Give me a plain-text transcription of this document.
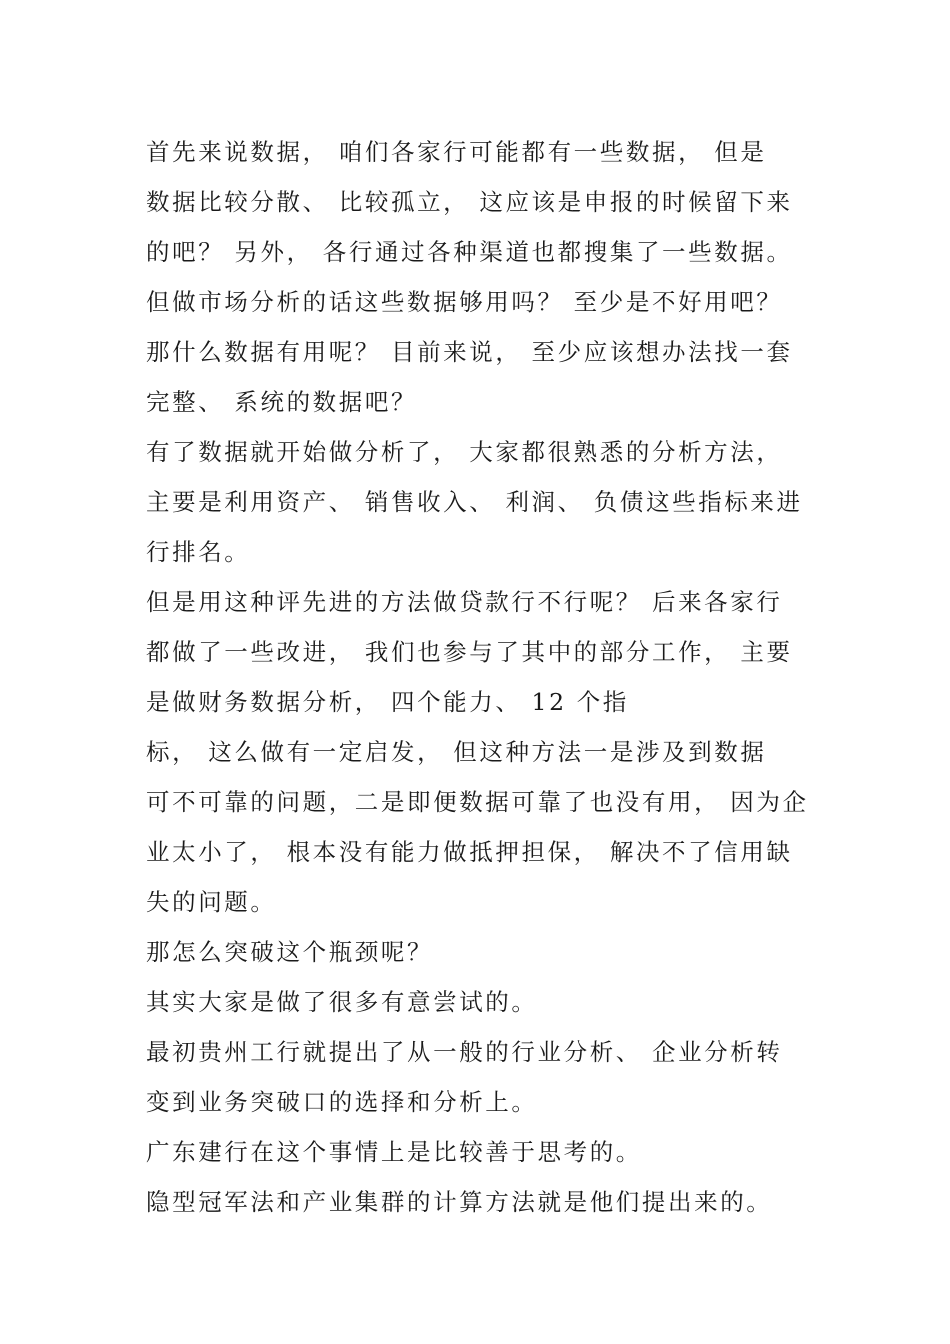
首先来说数据， 咱们各家行可能都有一些数据， 但是
数据比较分散、 比较孤立， 这应该是申报的时候留下来
的吧？ 另外， 各行通过各种渠道也都搜集了一些数据。
但做市场分析的话这些数据够用吗？ 至少是不好用吧？
那什么数据有用呢？ 目前来说， 至少应该想办法找一套
完整、 系统的数据吧？
有了数据就开始做分析了， 大家都很熟悉的分析方法，
主要是利用资产、 销售收入、 利润、 负债这些指标来进
行排名。
但是用这种评先进的方法做贷款行不行呢？ 后来各家行
都做了一些改进， 我们也参与了其中的部分工作， 主要
是做财务数据分析， 四个能力、 12 个指
标， 这么做有一定启发， 但这种方法一是涉及到数据
可不可靠的问题，二是即便数据可靠了也没有用， 因为企
业太小了， 根本没有能力做抵押担保， 解决不了信用缺
失的问题。
那怎么突破这个瓶颈呢？
其实大家是做了很多有意尝试的。
最初贵州工行就提出了从一般的行业分析、 企业分析转
变到业务突破口的选择和分析上。
广东建行在这个事情上是比较善于思考的。
隐型冠军法和产业集群的计算方法就是他们提出来的。
